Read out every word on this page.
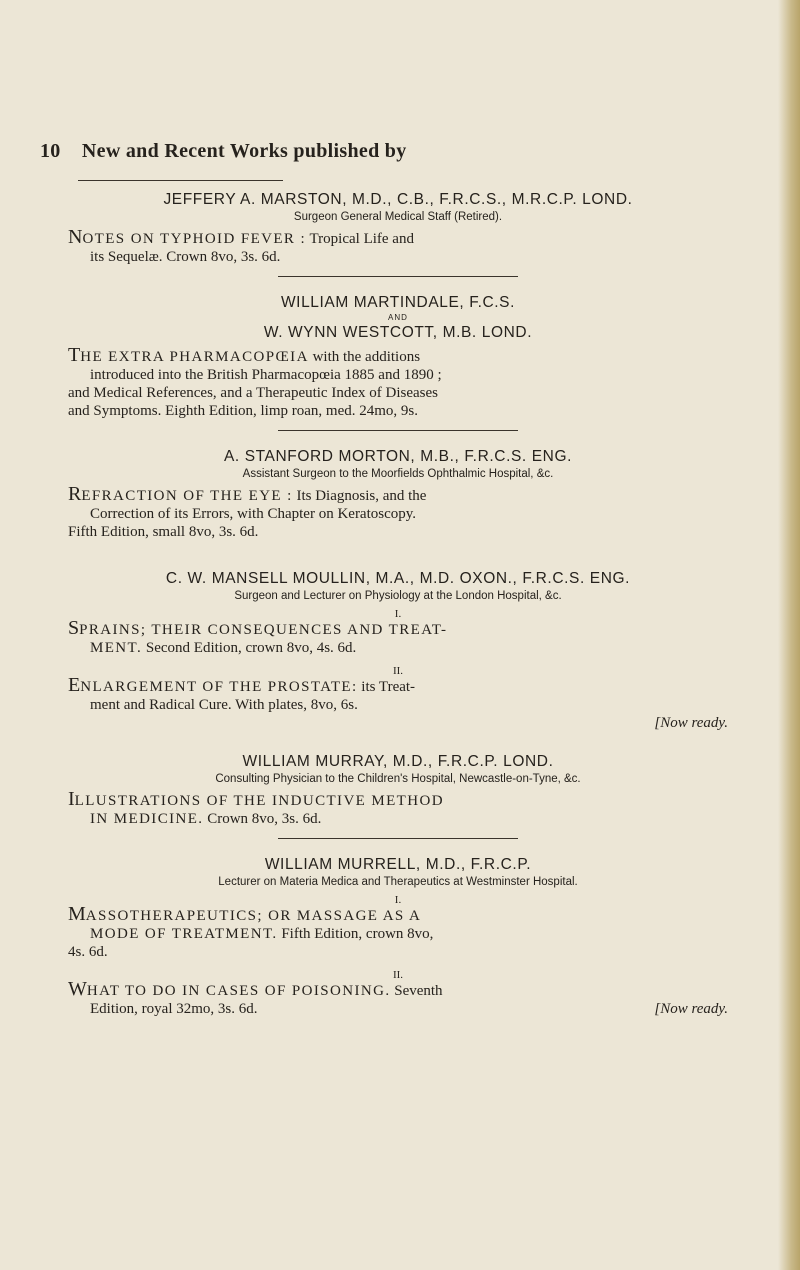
10 New and Recent Works published by

JEFFERY A. MARSTON, M.D., C.B., F.R.C.S., M.R.C.P. LOND.

Surgeon General Medical Staff (Retired).

NOTES ON TYPHOID FEVER : Tropical Life and

its Sequelæ. Crown 8vo, 3s. 6d.

WILLIAM MARTINDALE, F.C.S.

AND

W. WYNN WESTCOTT, M.B. LOND.

THE EXTRA PHARMACOPŒIA with the additions

introduced into the British Pharmacopœia 1885 and 1890 ;

and Medical References, and a Therapeutic Index of Diseases

and Symptoms. Eighth Edition, limp roan, med. 24mo, 9s.

A. STANFORD MORTON, M.B., F.R.C.S. ENG.

Assistant Surgeon to the Moorfields Ophthalmic Hospital, &c.

REFRACTION OF THE EYE : Its Diagnosis, and the

Correction of its Errors, with Chapter on Keratoscopy.

Fifth Edition, small 8vo, 3s. 6d.

C. W. MANSELL MOULLIN, M.A., M.D. OXON., F.R.C.S. ENG.

Surgeon and Lecturer on Physiology at the London Hospital, &c.
I.

SPRAINS; THEIR CONSEQUENCES AND TREAT-

MENT. Second Edition, crown 8vo, 4s. 6d.

II.

ENLARGEMENT OF THE PROSTATE: its Treat-

ment and Radical Cure. With plates, 8vo, 6s.

[Now ready.

WILLIAM MURRAY, M.D., F.R.C.P. LOND.

Consulting Physician to the Children's Hospital, Newcastle-on-Tyne, &c.

ILLUSTRATIONS OF THE INDUCTIVE METHOD

IN MEDICINE. Crown 8vo, 3s. 6d.

WILLIAM MURRELL, M.D., F.R.C.P.

Lecturer on Materia Medica and Therapeutics at Westminster Hospital.
I.

MASSOTHERAPEUTICS; OR MASSAGE AS A

MODE OF TREATMENT. Fifth Edition, crown 8vo,

4s. 6d.

II.

WHAT TO DO IN CASES OF POISONING. Seventh

Edition, royal 32mo, 3s. 6d.	[Now ready.
